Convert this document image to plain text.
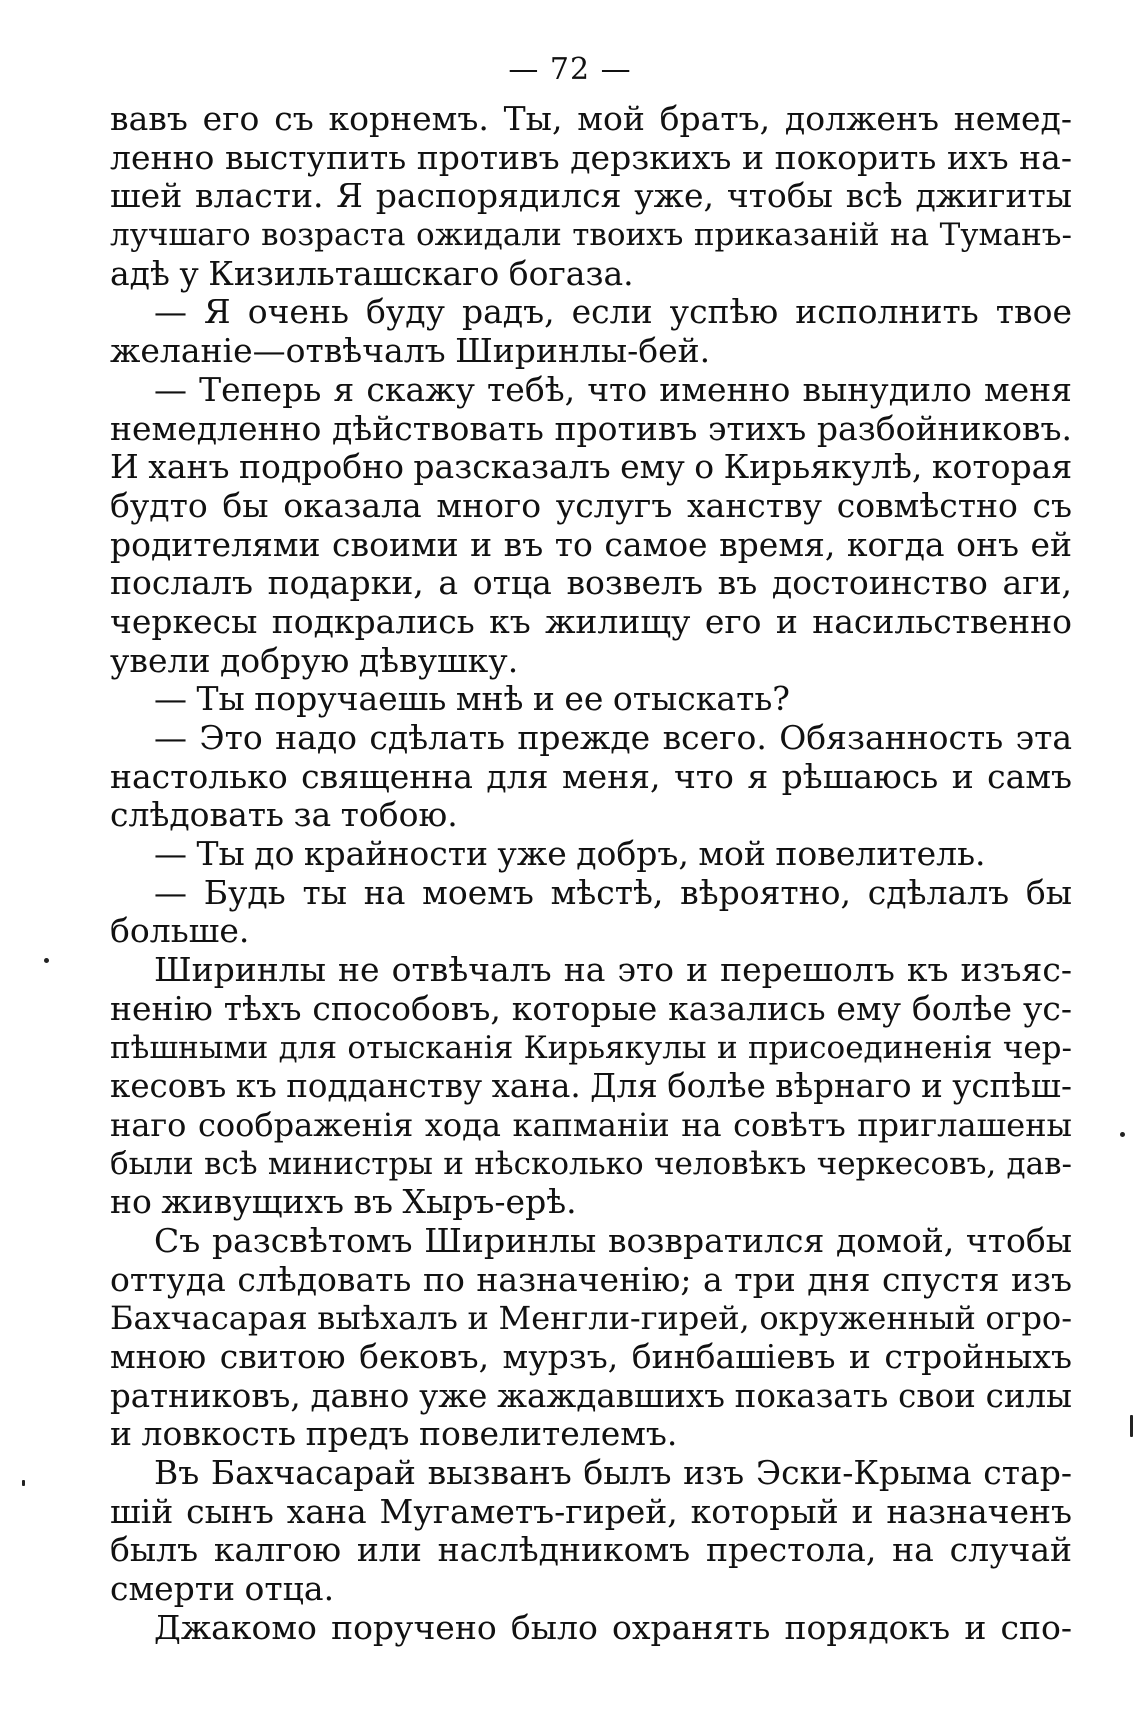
— 72 —
вавъ его съ корнемъ. Ты, мой братъ, долженъ немед-
ленно выступить противъ дерзкихъ и покорить ихъ на-
шей власти. Я распорядился уже, чтобы всѣ джигиты
лучшаго возраста ожидали твоихъ приказаній на Туманъ-
адѣ у Кизильташскаго богаза.
— Я очень буду радъ, если успѣю исполнить твое
желаніе—отвѣчалъ Ширинлы-бей.
— Теперь я скажу тебѣ, что именно вынудило меня
немедленно дѣйствовать противъ этихъ разбойниковъ.
И ханъ подробно разсказалъ ему о Кирьякулѣ, которая
будто бы оказала много услугъ ханству совмѣстно съ
родителями своими и въ то самое время, когда онъ ей
послалъ подарки, а отца возвелъ въ достоинство аги,
черкесы подкрались къ жилищу его и насильственно
увели добрую дѣвушку.
— Ты поручаешь мнѣ и ее отыскать?
— Это надо сдѣлать прежде всего. Обязанность эта
настолько священна для меня, что я рѣшаюсь и самъ
слѣдовать за тобою.
— Ты до крайности уже добръ, мой повелитель.
— Будь ты на моемъ мѣстѣ, вѣроятно, сдѣлалъ бы
больше.
Ширинлы не отвѣчалъ на это и перешолъ къ изъяс-
ненію тѣхъ способовъ, которые казались ему болѣе ус-
пѣшными для отысканія Кирьякулы и присоединенія чер-
кесовъ къ подданству хана. Для болѣе вѣрнаго и успѣш-
наго соображенія хода капманіи на совѣтъ приглашены
были всѣ министры и нѣсколько человѣкъ черкесовъ, дав-
но живущихъ въ Хыръ-ерѣ.
Съ разсвѣтомъ Ширинлы возвратился домой, чтобы
оттуда слѣдовать по назначенію; а три дня спустя изъ
Бахчасарая выѣхалъ и Менгли-гирей, окруженный огро-
мною свитою бековъ, мурзъ, бинбашіевъ и стройныхъ
ратниковъ, давно уже жаждавшихъ показать свои силы
и ловкость предъ повелителемъ.
Въ Бахчасарай вызванъ былъ изъ Эски-Крыма стар-
шій сынъ хана Мугаметъ-гирей, который и назначенъ
былъ калгою или наслѣдникомъ престола, на случай
смерти отца.
Джакомо поручено было охранять порядокъ и спо-
